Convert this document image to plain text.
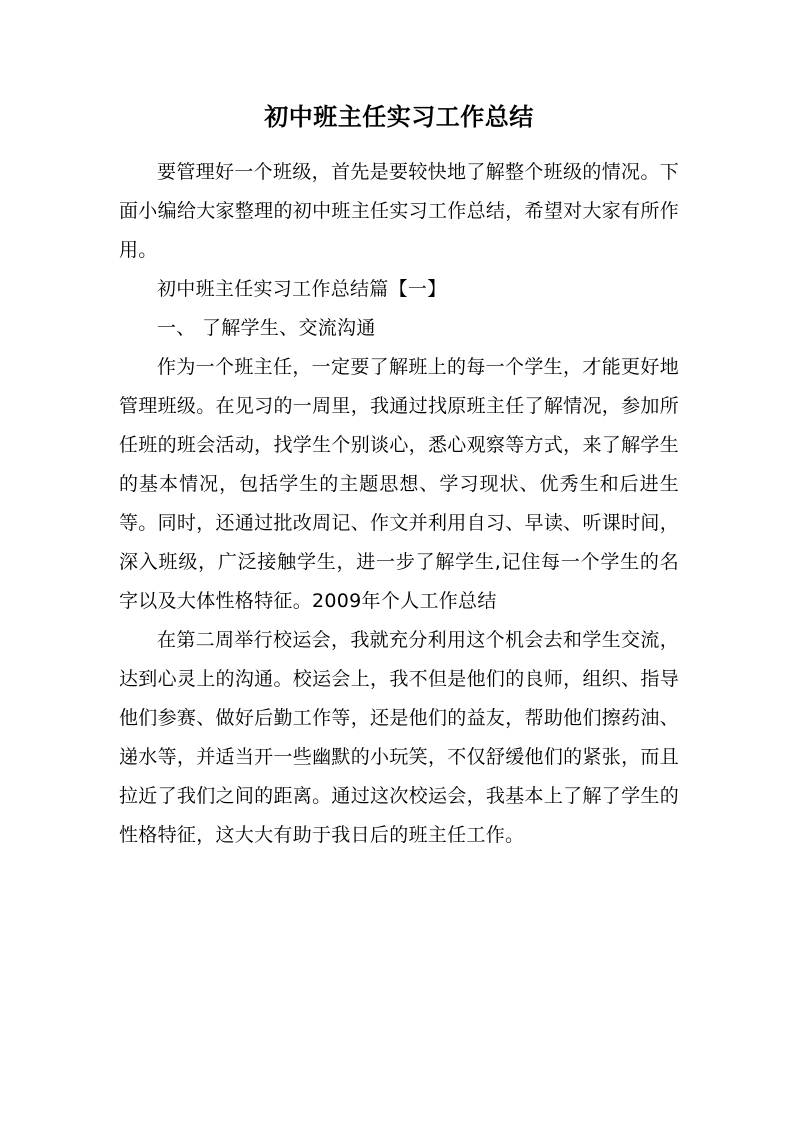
初中班主任实习工作总结

要管理好一个班级，首先是要较快地了解整个班级的情况。下面小编给大家整理的初中班主任实习工作总结，希望对大家有所作用。

初中班主任实习工作总结篇【一】

一、 了解学生、交流沟通

作为一个班主任，一定要了解班上的每一个学生，才能更好地管理班级。在见习的一周里，我通过找原班主任了解情况，参加所任班的班会活动，找学生个别谈心，悉心观察等方式，来了解学生的基本情况，包括学生的主题思想、学习现状、优秀生和后进生等。同时，还通过批改周记、作文并利用自习、早读、听课时间，深入班级，广泛接触学生，进一步了解学生,记住每一个学生的名字以及大体性格特征。2009年个人工作总结

在第二周举行校运会，我就充分利用这个机会去和学生交流，达到心灵上的沟通。校运会上，我不但是他们的良师，组织、指导他们参赛、做好后勤工作等，还是他们的益友，帮助他们擦药油、递水等，并适当开一些幽默的小玩笑，不仅舒缓他们的紧张，而且拉近了我们之间的距离。通过这次校运会，我基本上了解了学生的性格特征，这大大有助于我日后的班主任工作。
